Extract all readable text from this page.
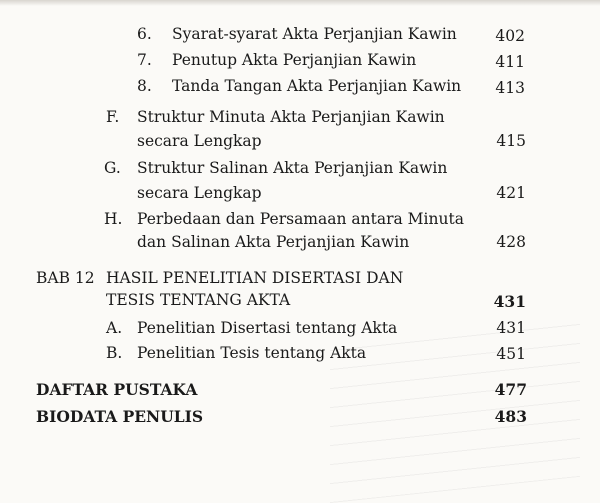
6. Syarat-syarat Akta Perjanjian Kawin	402
7. Penutup Akta Perjanjian Kawin	411
8. Tanda Tangan Akta Perjanjian Kawin	413
F. Struktur Minuta Akta Perjanjian Kawin
secara Lengkap	415
G. Struktur Salinan Akta Perjanjian Kawin
secara Lengkap	421
H. Perbedaan dan Persamaan antara Minuta
dan Salinan Akta Perjanjian Kawin	428
BAB 12 HASIL PENELITIAN DISERTASI DAN
TESIS TENTANG AKTA	431
A. Penelitian Disertasi tentang Akta	431
B. Penelitian Tesis tentang Akta	451
DAFTAR PUSTAKA	477
BIODATA PENULIS	483
